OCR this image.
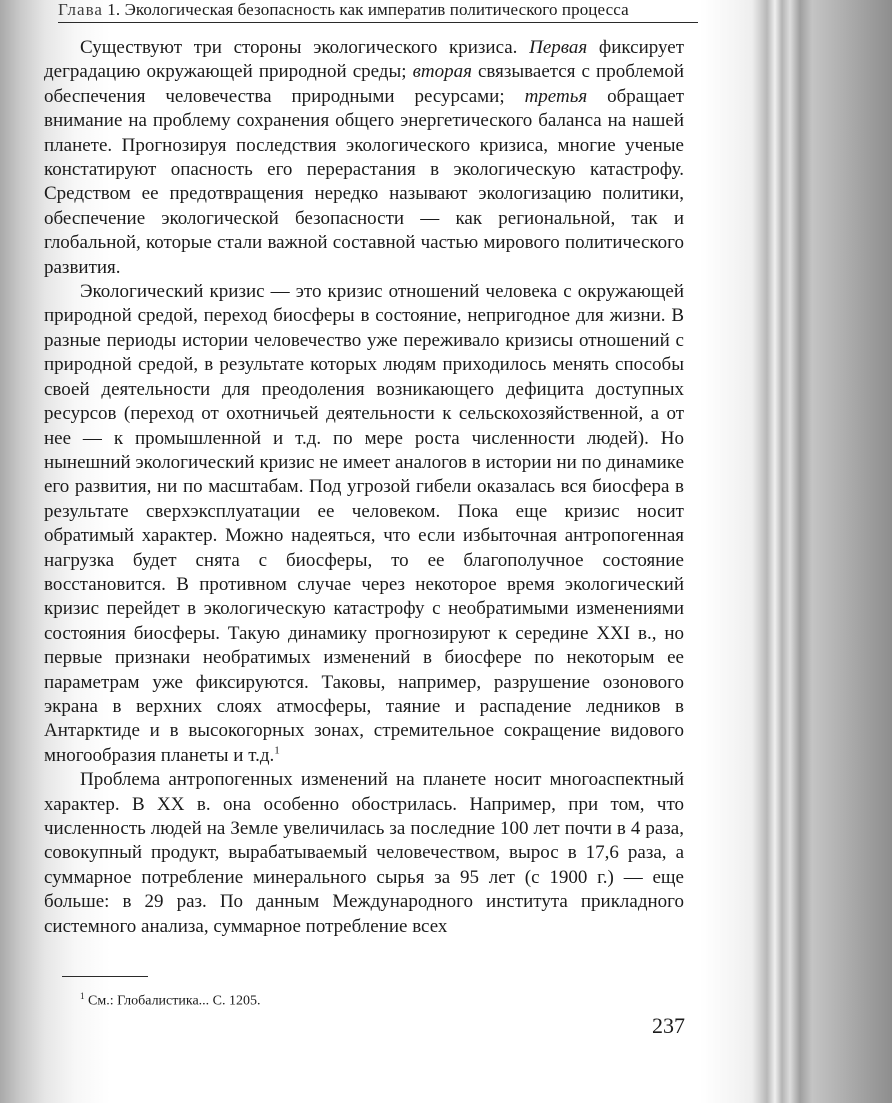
Глава 1. Экологическая безопасность как императив политического процесса

Существуют три стороны экологического кризиса. Первая фиксирует деградацию окружающей природной среды; вторая связывается с проблемой обеспечения человечества природными ресурсами; третья обращает внимание на проблему сохранения общего энергетического баланса на нашей планете. Прогнозируя последствия экологического кризиса, многие ученые констатируют опасность его перерастания в экологическую катастрофу. Средством ее предотвращения нередко называют экологизацию политики, обеспечение экологической безопасности — как региональной, так и глобальной, которые стали важной составной частью мирового политического развития.

Экологический кризис — это кризис отношений человека с окружающей природной средой, переход биосферы в состояние, непригодное для жизни. В разные периоды истории человечество уже переживало кризисы отношений с природной средой, в результате которых людям приходилось менять способы своей деятельности для преодоления возникающего дефицита доступных ресурсов (переход от охотничьей деятельности к сельскохозяйственной, а от нее — к промышленной и т.д. по мере роста численности людей). Но нынешний экологический кризис не имеет аналогов в истории ни по динамике его развития, ни по масштабам. Под угрозой гибели оказалась вся биосфера в результате сверхэксплуатации ее человеком. Пока еще кризис носит обратимый характер. Можно надеяться, что если избыточная антропогенная нагрузка будет снята с биосферы, то ее благополучное состояние восстановится. В противном случае через некоторое время экологический кризис перейдет в экологическую катастрофу с необратимыми изменениями состояния биосферы. Такую динамику прогнозируют к середине XXI в., но первые признаки необратимых изменений в биосфере по некоторым ее параметрам уже фиксируются. Таковы, например, разрушение озонового экрана в верхних слоях атмосферы, таяние и распадение ледников в Антарктиде и в высокогорных зонах, стремительное сокращение видового многообразия планеты и т.д.$^1$

Проблема антропогенных изменений на планете носит многоаспектный характер. В XX в. она особенно обострилась. Например, при том, что численность людей на Земле увеличилась за последние 100 лет почти в 4 раза, совокупный продукт, вырабатываемый человечеством, вырос в 17,6 раза, а суммарное потребление минерального сырья за 95 лет (с 1900 г.) — еще больше: в 29 раз. По данным Международного института прикладного системного анализа, суммарное потребление всех

$^1$ См.: Глобалистика... С. 1205.
237
